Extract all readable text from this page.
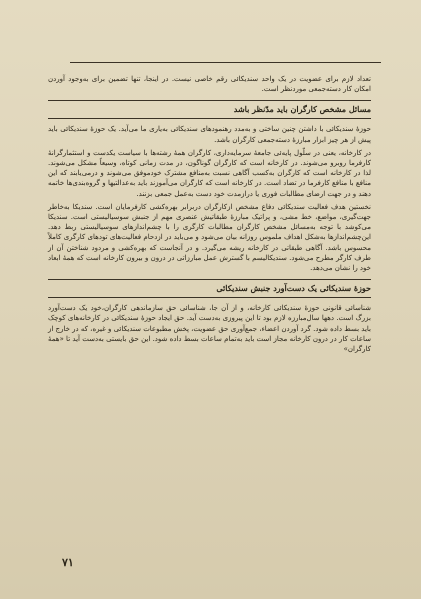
تعداد لازم برای عضویت در یک واحد سندیکائی رقم خاصی نیست. در اینجا، تنها تضمین برای به‌وجود آوردن امکان کار دسته‌جمعی موردنظر است.

مسائل مشخص کارگران باید مدّنظر باشد

حوزهٔ سندیکائی با داشتن چنین ساختی و به‌مدد رهنمودهای سندیکائی به‌یاری ما می‌آید. یک حوزهٔ سندیکائی باید پیش از هر چیز ابزار مبارزهٔ دسته‌جمعی کارگران باشد.

در کارخانه، یعنی در سلّول پایه‌ئی جامعهٔ سرمایه‌داری، کارگران همهٔ رشته‌ها با سیاست یکدست و استثمارگرانهٔ کارفرما روبرو می‌شوند. در کارخانه است که کارگران گوناگون، در مدت زمانی کوتاه، وسیعاً مشکل می‌شوند. لذا در کارخانه است که کارگران به‌کسب آگاهی نسبت به‌منافع مشترک خودموفق می‌شوند و درمی‌یابند که این منافع با منافع کارفرما در تضاد است. در کارخانه است که کارگران می‌آموزند باید به‌عدالتیها و گروه‌بندی‌ها خاتمه دهند و در جهت ارضای مطالبات فوری یا درازمدت خود دست به‌عمل جمعی بزنند.

نخستین هدف فعالیت سندیکائی دفاع مشخص ازکارگران دربرابر بهره‌کشی کارفرمایان است. سندیکا به‌خاطر جهت‌گیری، مواضع، خط مشی، و پراتیک مبارزهٔ طبقاتیش عنصری مهم از جنبش سوسیالیستی است. سندیکا می‌کوشد با توجه به‌مسائل مشخص کارگران مطالبات کارگری را با چشم‌اندازهای سوسیالیستی ربط دهد. این‌چشم‌اندازها به‌شکل اهداف ملموس روزانه بیان می‌شود و می‌باید در ازدحام فعالیت‌های تودهای کارگری کاملاً محسوس باشد. آگاهی طبقاتی در کارخانه ریشه می‌گیرد. و در آنجاست که بهره‌کشی و مردود شناختن آن از طرف کارگر مطرح می‌شود. سندیکالیسم با گسترش عمل مبارزاتی در درون و بیرون کارخانه است که همهٔ ابعاد خود را نشان می‌دهد.

حوزهٔ سندیکائی یک دست‌آورد جنبش سندیکائی

شناسائی قانونی حوزهٔ سندیکائی کارخانه، و از آن جا، شناسائی حق سازماندهی کارگران،خود یک دست‌آورد بزرگ است. دهها سال‌مبارزه لازم بود تا این پیروزی به‌دست آید. حق ایجاد حوزهٔ سندیکائی در کارخانه‌های کوچک باید بسط داده شود. گرد آوردن اعضاء، جمع‌آوری حق عضویت، پخش مطبوعات سندیکائی و غیره، که در خارج از ساعات کار در درون کارخانه مجاز است باید به‌تمام ساعات بسط داده شود. این حق بایستی به‌دست آید تا «همهٔ کارگران»

۷۱
